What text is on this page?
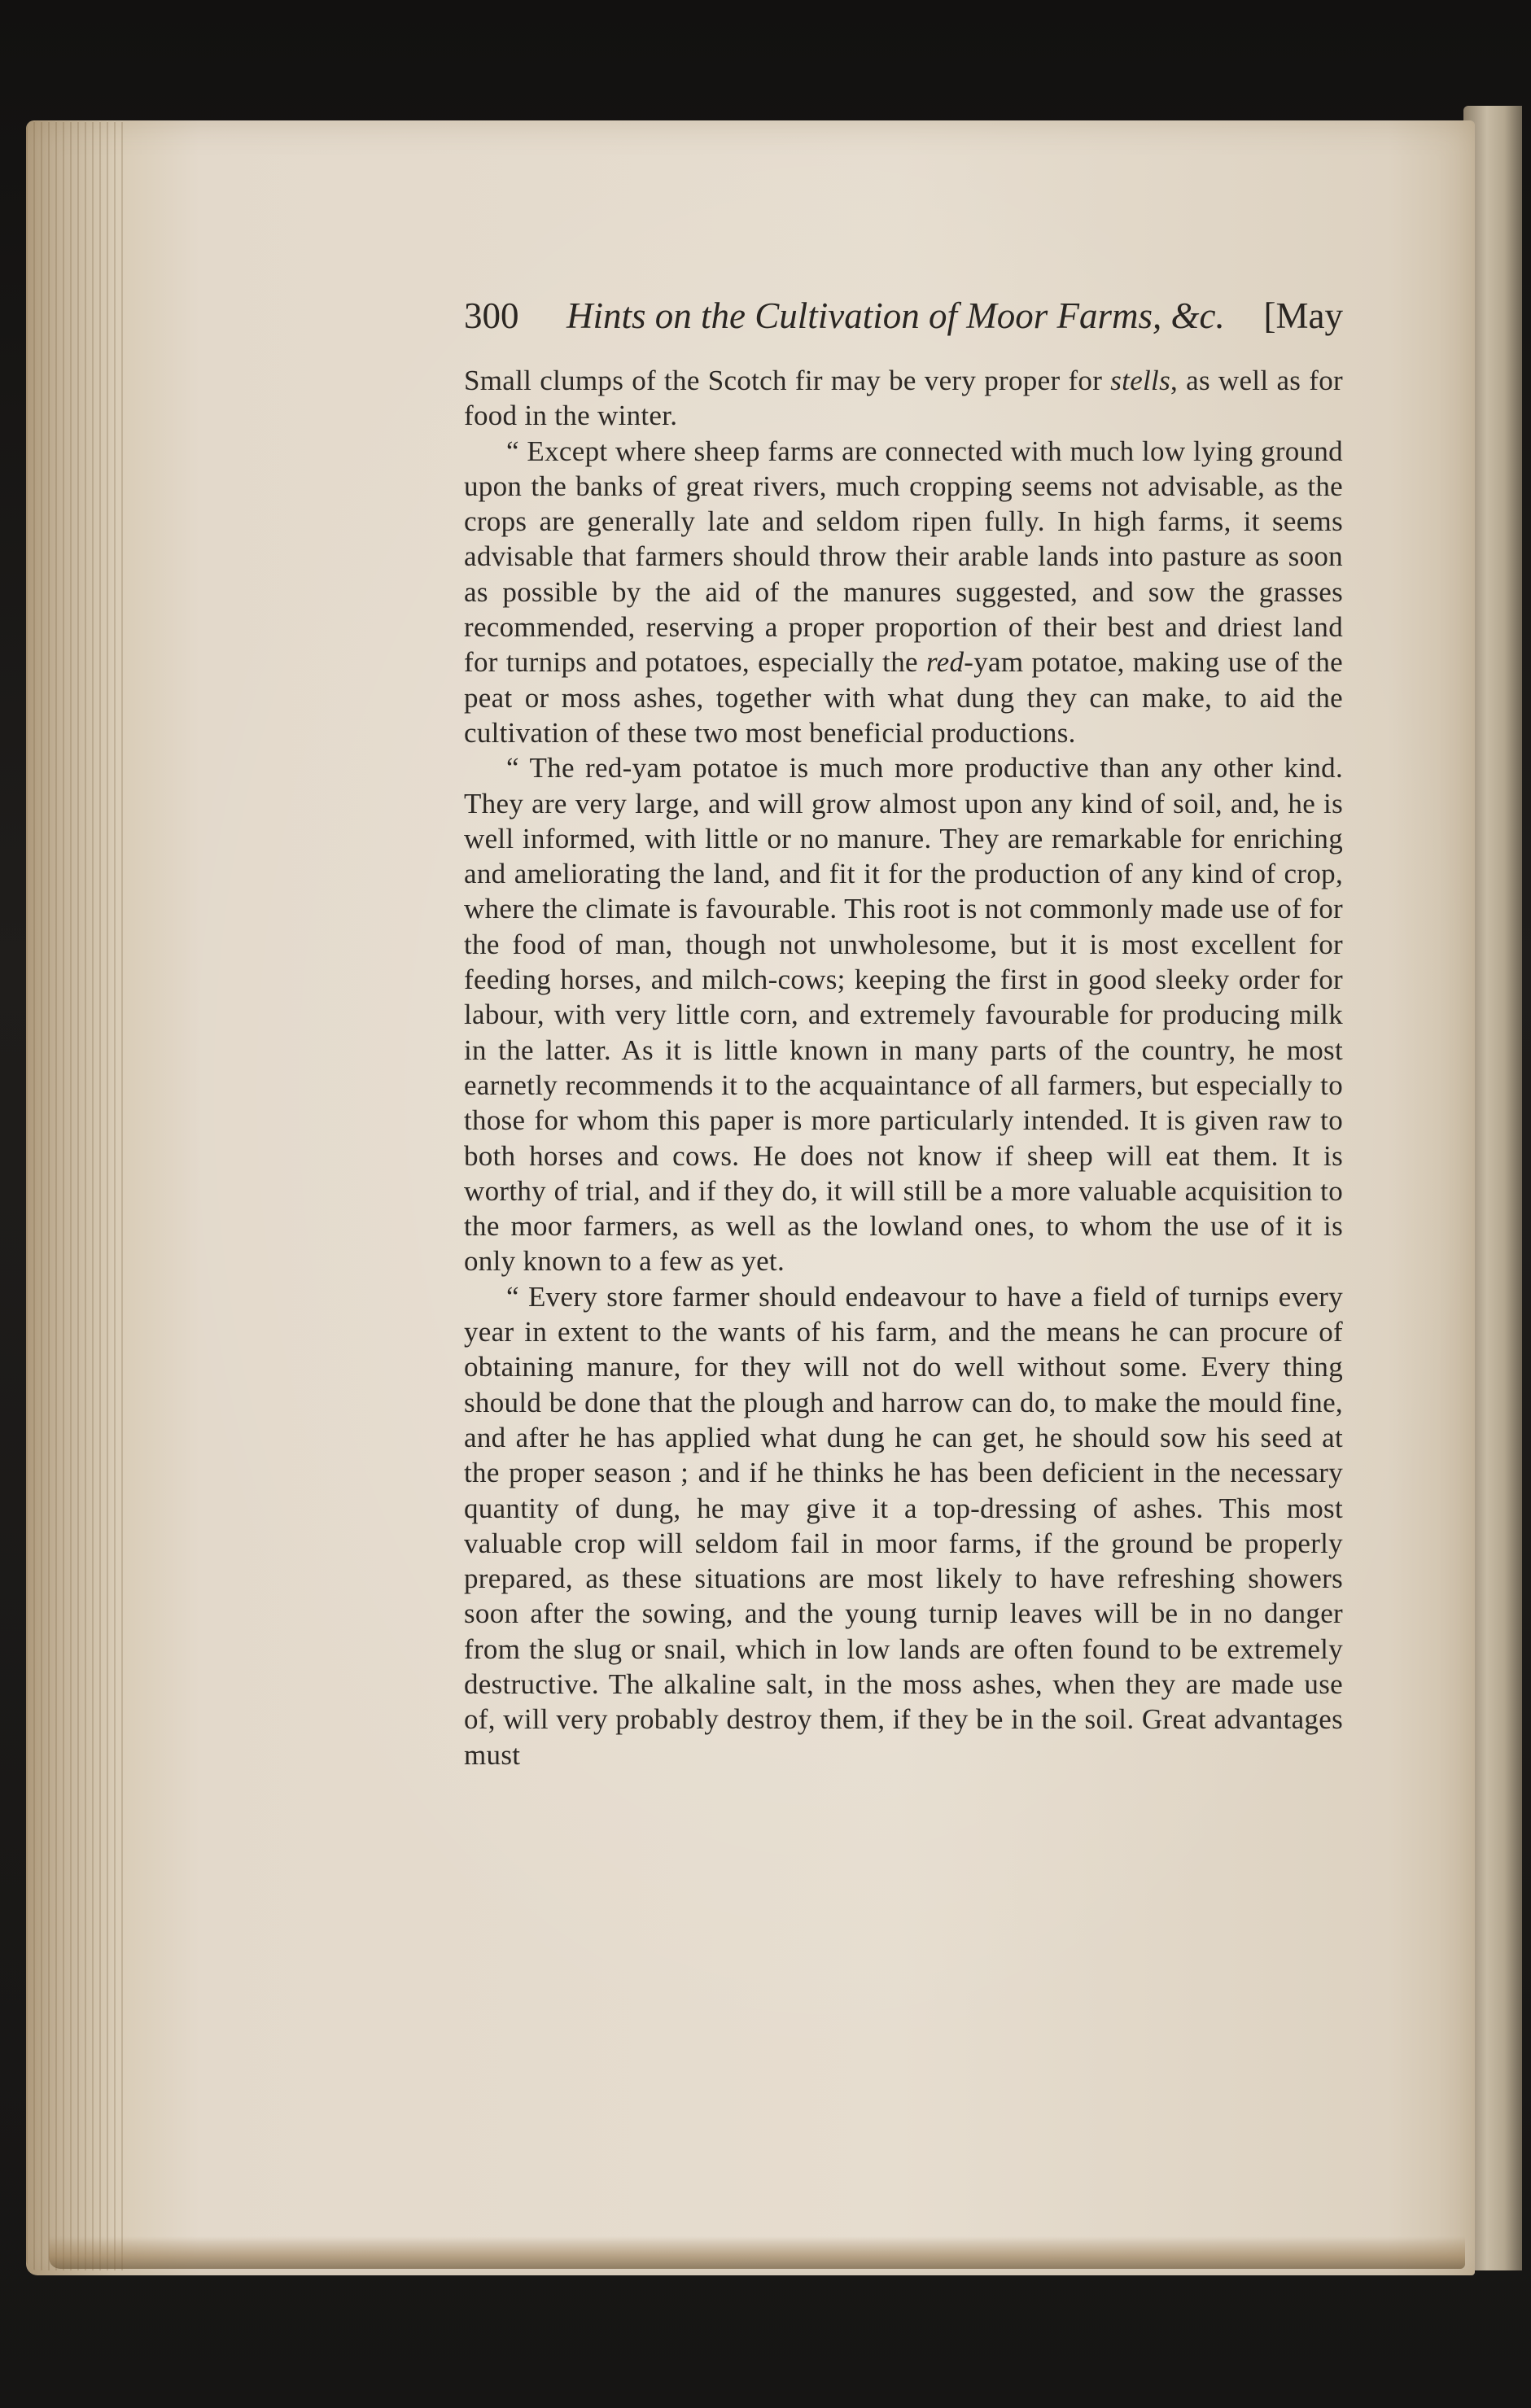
300 Hints on the Cultivation of Moor Farms, &c. [May

Small clumps of the Scotch fir may be very proper for stells, as well as for food in the winter.

“ Except where sheep farms are connected with much low lying ground upon the banks of great rivers, much cropping seems not advisable, as the crops are generally late and seldom ripen fully. In high farms, it seems advisable that farmers should throw their arable lands into pasture as soon as possible by the aid of the manures suggested, and sow the grasses recommended, reserving a proper proportion of their best and driest land for turnips and potatoes, especially the red-yam potatoe, making use of the peat or moss ashes, together with what dung they can make, to aid the cultivation of these two most beneficial productions.

“ The red-yam potatoe is much more productive than any other kind. They are very large, and will grow almost upon any kind of soil, and, he is well informed, with little or no manure. They are remarkable for enriching and ameliorating the land, and fit it for the production of any kind of crop, where the climate is favourable. This root is not commonly made use of for the food of man, though not unwholesome, but it is most excellent for feeding horses, and milch-cows; keeping the first in good sleeky order for labour, with very little corn, and extremely favourable for producing milk in the latter. As it is little known in many parts of the country, he most earnetly recommends it to the acquaintance of all farmers, but especially to those for whom this paper is more particularly intended. It is given raw to both horses and cows. He does not know if sheep will eat them. It is worthy of trial, and if they do, it will still be a more valuable acquisition to the moor farmers, as well as the lowland ones, to whom the use of it is only known to a few as yet.

“ Every store farmer should endeavour to have a field of turnips every year in extent to the wants of his farm, and the means he can procure of obtaining manure, for they will not do well without some. Every thing should be done that the plough and harrow can do, to make the mould fine, and after he has applied what dung he can get, he should sow his seed at the proper season ; and if he thinks he has been deficient in the necessary quantity of dung, he may give it a top-dressing of ashes. This most valuable crop will seldom fail in moor farms, if the ground be properly prepared, as these situations are most likely to have refreshing showers soon after the sowing, and the young turnip leaves will be in no danger from the slug or snail, which in low lands are often found to be extremely destructive. The alkaline salt, in the moss ashes, when they are made use of, will very probably destroy them, if they be in the soil. Great advantages must
